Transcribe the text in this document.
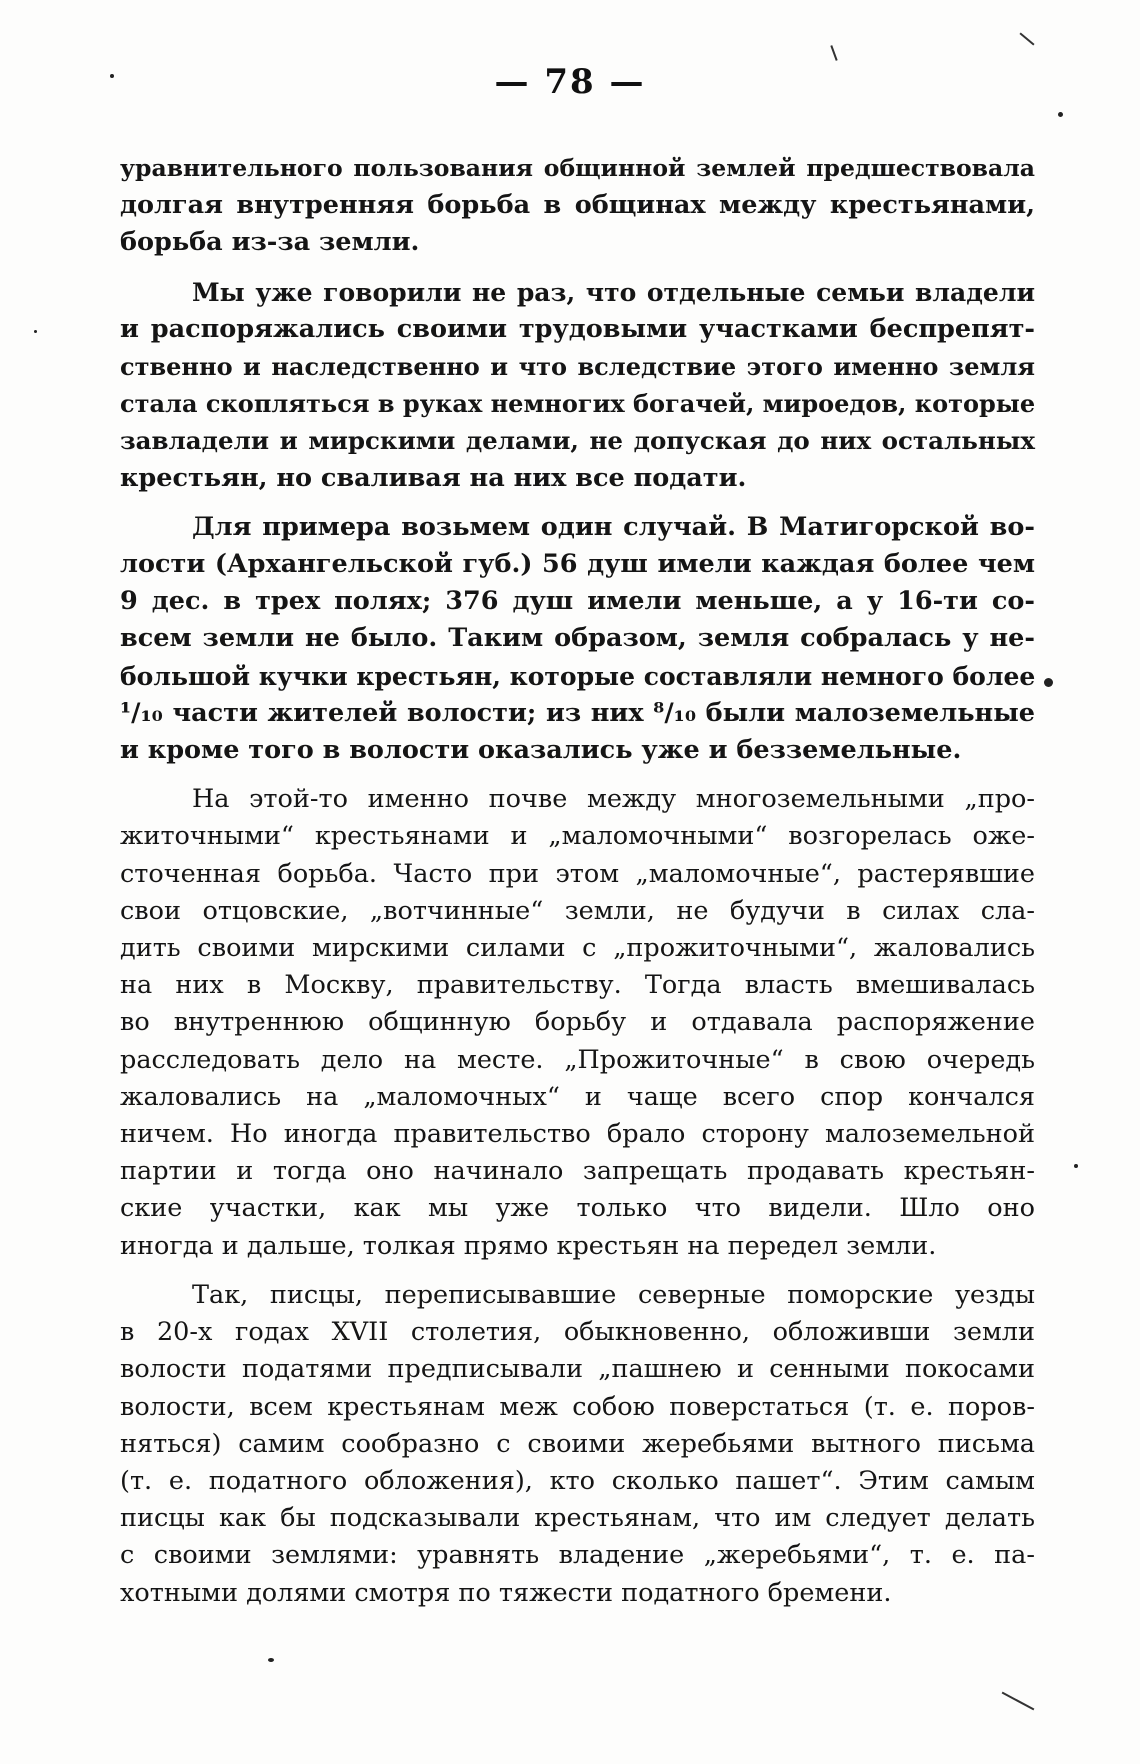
— 78 —

уравнительного пользования общинной землей предшествовала
долгая внутренняя борьба в общинах между крестьянами,
борьба из-за земли.

Мы уже говорили не раз, что отдельные семьи владели
и распоряжались своими трудовыми участками беспрепят-
ственно и наследственно и что вследствие этого именно земля
стала скопляться в руках немногих богачей, мироедов, которые
завладели и мирскими делами, не допуская до них остальных
крестьян, но сваливая на них все подати.

Для примера возьмем один случай. В Матигорской во-
лости (Архангельской губ.) 56 душ имели каждая более чем
9 дес. в трех полях; 376 душ имели меньше, а у 16-ти со-
всем земли не было. Таким образом, земля собралась у не-
большой кучки крестьян, которые составляли немного более
¹/₁₀ части жителей волости; из них ⁸/₁₀ были малоземельные
и кроме того в волости оказались уже и безземельные.

На этой-то именно почве между многоземельными „про-
житочными“ крестьянами и „маломочными“ возгорелась оже-
сточенная борьба. Часто при этом „маломочные“, растерявшие
свои отцовские, „вотчинные“ земли, не будучи в силах сла-
дить своими мирскими силами с „прожиточными“, жаловались
на них в Москву, правительству. Тогда власть вмешивалась
во внутреннюю общинную борьбу и отдавала распоряжение
расследовать дело на месте. „Прожиточные“ в свою очередь
жаловались на „маломочных“ и чаще всего спор кончался
ничем. Но иногда правительство брало сторону малоземельной
партии и тогда оно начинало запрещать продавать крестьян-
ские участки, как мы уже только что видели. Шло оно
иногда и дальше, толкая прямо крестьян на передел земли.

Так, писцы, переписывавшие северные поморские уезды
в 20-х годах XVII столетия, обыкновенно, обложивши земли
волости податями предписывали „пашнею и сенными покосами
волости, всем крестьянам меж собою поверстаться (т. е. поров-
няться) самим сообразно с своими жеребьями вытного письма
(т. е. податного обложения), кто сколько пашет“. Этим самым
писцы как бы подсказывали крестьянам, что им следует делать
с своими землями: уравнять владение „жеребьями“, т. е. па-
хотными долями смотря по тяжести податного бремени.
